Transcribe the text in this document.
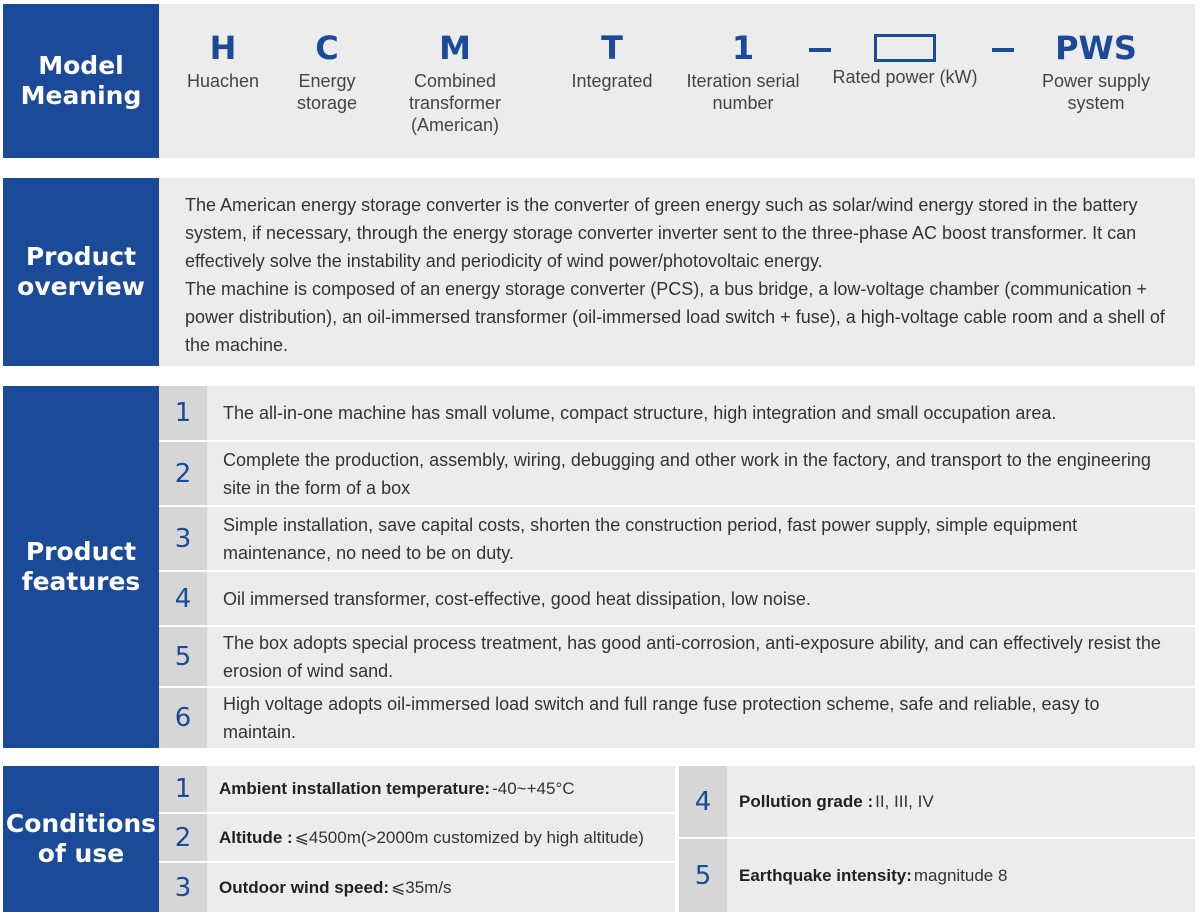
Model Meaning
H
Huachen
C
Energy storage
M
Combined transformer (American)
T
Integrated
1
Iteration serial number
Rated power (kW)
PWS
Power supply system
Product overview

The American energy storage converter is the converter of green energy such as solar/wind energy stored in the battery system, if necessary, through the energy storage converter inverter sent to the three-phase AC boost transformer. It can effectively solve the instability and periodicity of wind power/photovoltaic energy.

The machine is composed of an energy storage converter (PCS), a bus bridge, a low-voltage chamber (communication + power distribution), an oil-immersed transformer (oil-immersed load switch + fuse), a high-voltage cable room and a shell of the machine.

Product features
1	The all-in-one machine has small volume, compact structure, high integration and small occupation area.
2	Complete the production, assembly, wiring, debugging and other work in the factory, and transport to the engineering site in the form of a box
3	Simple installation, save capital costs, shorten the construction period, fast power supply, simple equipment maintenance, no need to be on duty.
4	Oil immersed transformer, cost-effective, good heat dissipation, low noise.
5	The box adopts special process treatment, has good anti-corrosion, anti-exposure ability, and can effectively resist the erosion of wind sand.
6	High voltage adopts oil-immersed load switch and full range fuse protection scheme, safe and reliable, easy to maintain.
Conditions of use
1	Ambient installation temperature: -40~+45°C
2	Altitude : ⩽4500m(>2000m customized by high altitude)
3	Outdoor wind speed: ⩽35m/s
4	Pollution grade : II, III, IV
5	Earthquake intensity: magnitude 8
